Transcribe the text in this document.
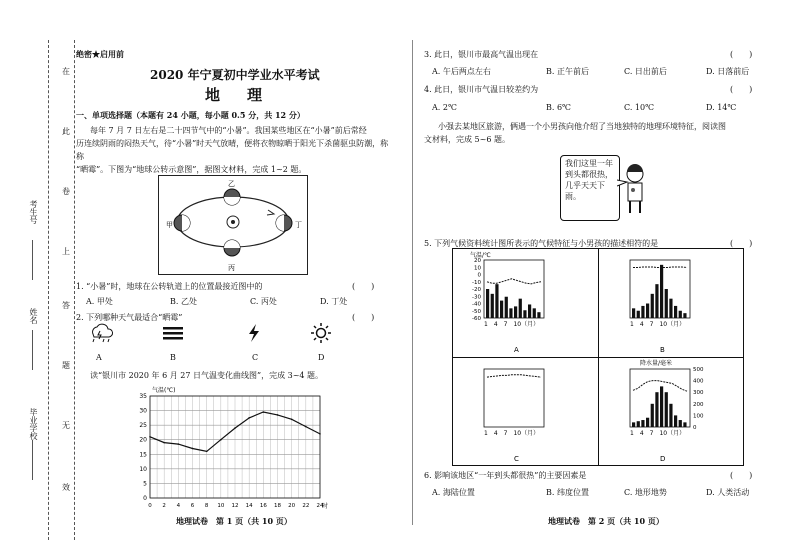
在
此
卷
上
答
题
无
效
考生号
姓名
毕业学校
绝密★启用前
2020 年宁夏初中学业水平考试
地　理
一、单项选择题（本题有 24 小题，每小题 0.5 分，共 12 分）
每年 7 月 7 日左右是二十四节气中的“小暑”。我国某些地区在“小暑”前后常经
历连续阴雨的闷热天气，待“小暑”时天气放晴，便将衣物晾晒于阳光下杀菌驱虫防潮，称称
“晒霉”。下图为“地球公转示意图”，据图文材料，完成 1~2 题。
甲
乙
丙
丁
1. “小暑”时，地球在公转轨道上的位置最接近图中的	(　　)
A. 甲处	B. 乙处	C. 丙处	D. 丁处
2. 下列哪种天气最适合“晒霉”	(　　)
A	B	C	D
读“银川市 2020 年 6 月 27 日气温变化曲线图”，完成 3~4 题。
气温(℃)
时
0
5
10
15
20
25
30
35
0 2 4 6 8 10 12 14 16 18 20 22 24
地理试卷　第 1 页（共 10 页）
3. 此日，银川市最高气温出现在	(　　)
A. 午后两点左右	B. 正午前后	C. 日出前后	D. 日落前后
4. 此日，银川市气温日较差约为	(　　)
A. 2℃	B. 6℃	C. 10℃	D. 14℃
小强去某地区旅游，俩遇一个小男孩向他介绍了当地独特的地理环境特征，阅读图
文材料，完成 5~6 题。
我们这里一年到头都很热，几乎天天下雨。
5. 下列气候资料统计图所表示的气候特征与小男孩的描述相符的是	(　　)
-60
-50
-40
-30
-20
-10
0
10
20
气温/℃
1　4　7　10（月）
A
1　4　7　10（月）
B
1　4　7　10（月）
C
0
100
200
300
400
500
降水量/毫米
1　4　7　10（月）
D
6. 影响该地区“一年到头都很热”的主要因素是	(　　)
A. 海陆位置	B. 纬度位置	C. 地形地势	D. 人类活动
地理试卷　第 2 页（共 10 页）
